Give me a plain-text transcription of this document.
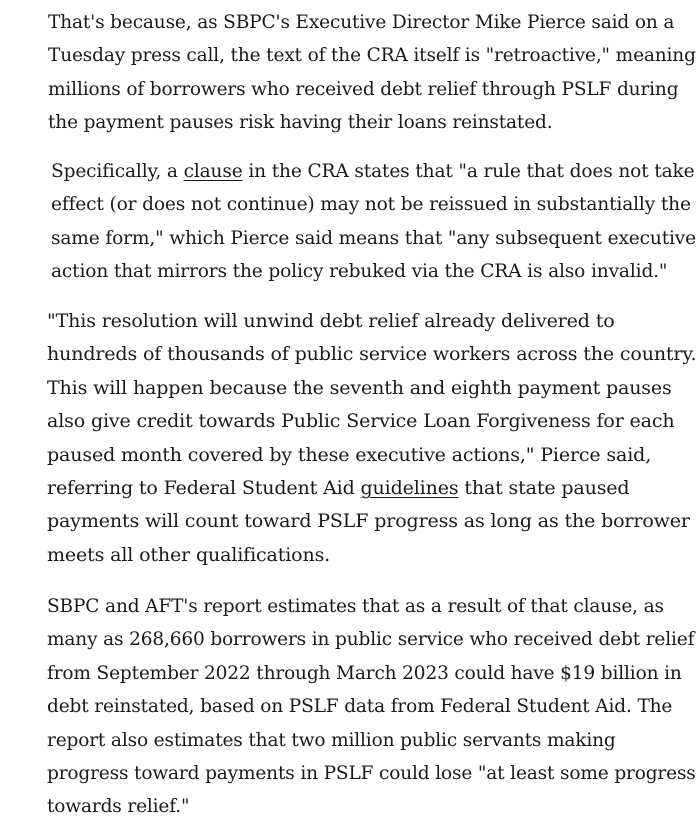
That's because, as SBPC's Executive Director Mike Pierce said on a
Tuesday press call, the text of the CRA itself is "retroactive," meaning
millions of borrowers who received debt relief through PSLF during
the payment pauses risk having their loans reinstated.

Specifically, a clause in the CRA states that "a rule that does not take
effect (or does not continue) may not be reissued in substantially the
same form," which Pierce said means that "any subsequent executive
action that mirrors the policy rebuked via the CRA is also invalid."

"This resolution will unwind debt relief already delivered to
hundreds of thousands of public service workers across the country.
This will happen because the seventh and eighth payment pauses
also give credit towards Public Service Loan Forgiveness for each
paused month covered by these executive actions," Pierce said,
referring to Federal Student Aid guidelines that state paused
payments will count toward PSLF progress as long as the borrower
meets all other qualifications.

SBPC and AFT's report estimates that as a result of that clause, as
many as 268,660 borrowers in public service who received debt relief
from September 2022 through March 2023 could have $19 billion in
debt reinstated, based on PSLF data from Federal Student Aid. The
report also estimates that two million public servants making
progress toward payments in PSLF could lose "at least some progress
towards relief."
